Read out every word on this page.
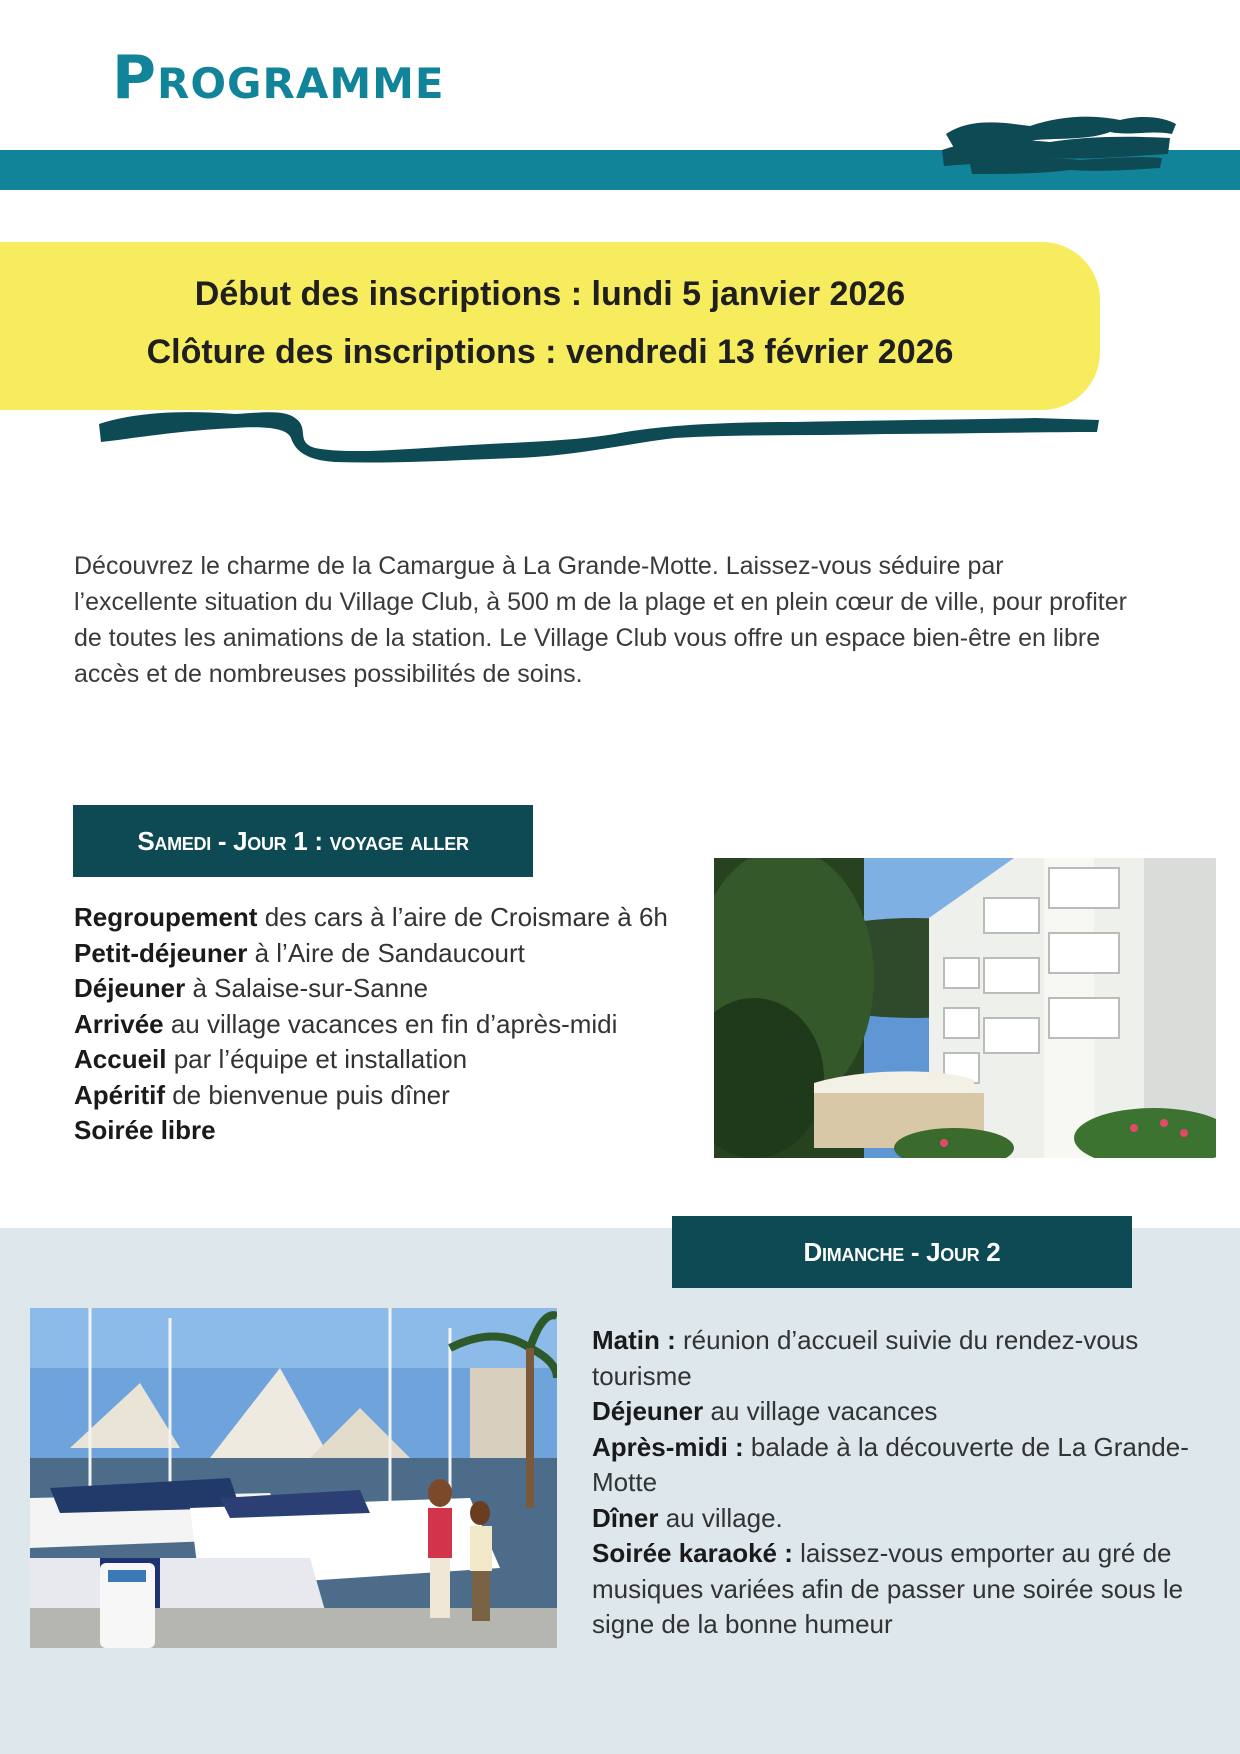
Programme

Début des inscriptions : lundi 5 janvier 2026

Clôture des inscriptions : vendredi 13 février 2026

Découvrez le charme de la Camargue à La Grande-Motte. Laissez-vous séduire par l’excellente situation du Village Club, à 500 m de la plage et en plein cœur de ville, pour profiter de toutes les animations de la station. Le Village Club vous offre un espace bien-être en libre accès et de nombreuses possibilités de soins.

Samedi - Jour 1 : voyage aller
Regroupement des cars à l’aire de Croismare à 6h
Petit-déjeuner à l’Aire de Sandaucourt
Déjeuner à Salaise-sur-Sanne
Arrivée au village vacances en fin d’après-midi
Accueil par l’équipe et installation
Apéritif de bienvenue puis dîner
Soirée libre
Dimanche - Jour 2
Matin : réunion d’accueil suivie du rendez-vous tourisme
Déjeuner au village vacances
Après-midi : balade à la découverte de La Grande-Motte
Dîner au village.
Soirée karaoké : laissez-vous emporter au gré de musiques variées afin de passer une soirée sous le signe de la bonne humeur
